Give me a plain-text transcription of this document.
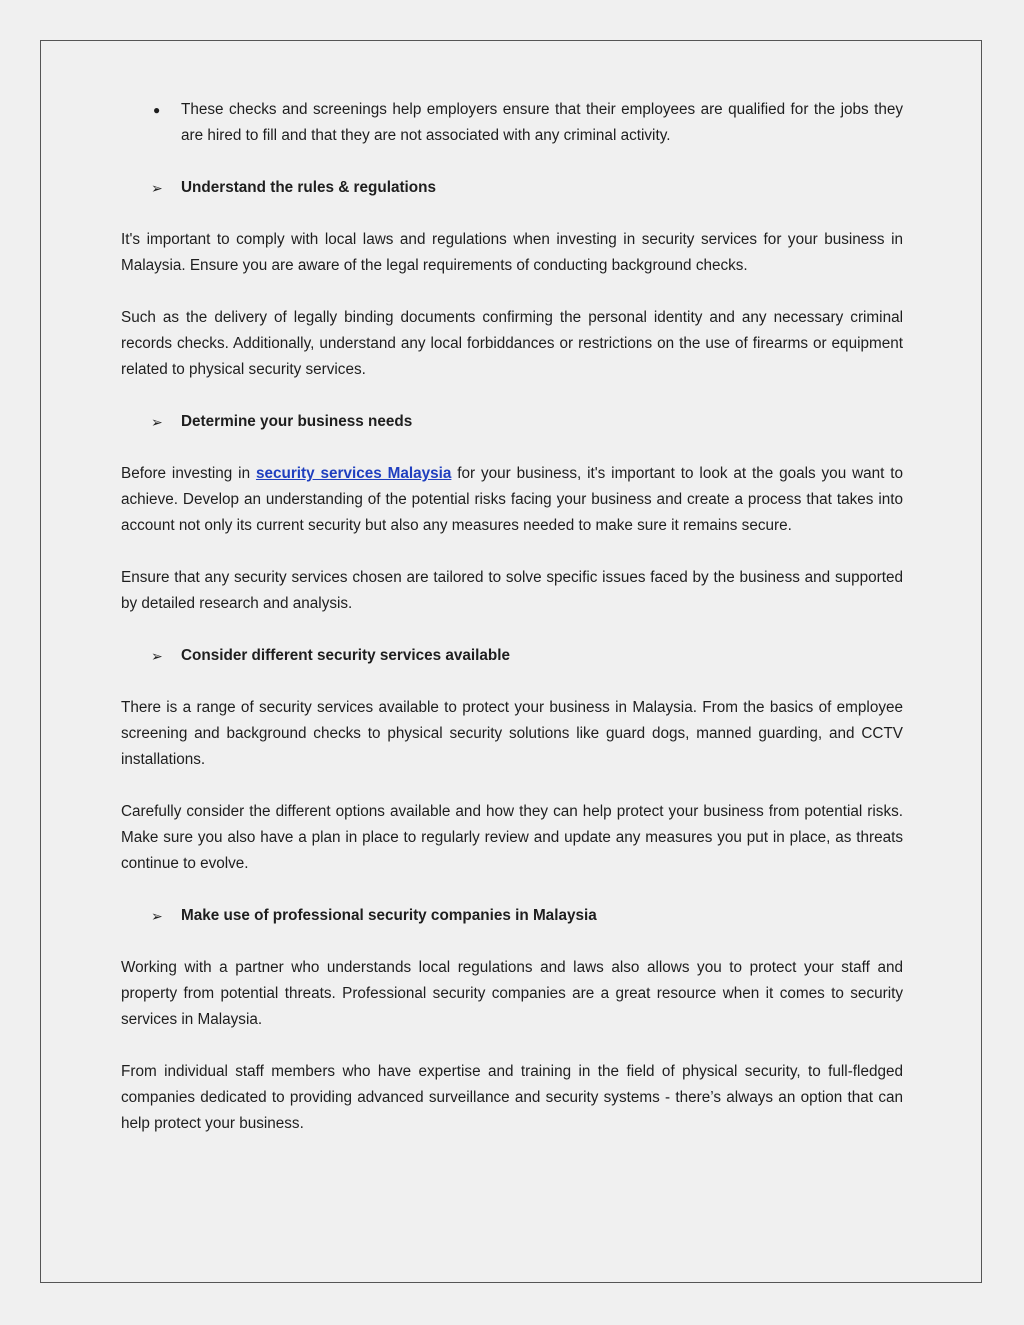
● These checks and screenings help employers ensure that their employees are qualified for the jobs they are hired to fill and that they are not associated with any criminal activity.

➢ Understand the rules & regulations

It's important to comply with local laws and regulations when investing in security services for your business in Malaysia. Ensure you are aware of the legal requirements of conducting background checks.

Such as the delivery of legally binding documents confirming the personal identity and any necessary criminal records checks. Additionally, understand any local forbiddances or restrictions on the use of firearms or equipment related to physical security services.

➢ Determine your business needs

Before investing in security services Malaysia for your business, it's important to look at the goals you want to achieve. Develop an understanding of the potential risks facing your business and create a process that takes into account not only its current security but also any measures needed to make sure it remains secure.

Ensure that any security services chosen are tailored to solve specific issues faced by the business and supported by detailed research and analysis.

➢ Consider different security services available

There is a range of security services available to protect your business in Malaysia. From the basics of employee screening and background checks to physical security solutions like guard dogs, manned guarding, and CCTV installations.

Carefully consider the different options available and how they can help protect your business from potential risks. Make sure you also have a plan in place to regularly review and update any measures you put in place, as threats continue to evolve.

➢ Make use of professional security companies in Malaysia

Working with a partner who understands local regulations and laws also allows you to protect your staff and property from potential threats. Professional security companies are a great resource when it comes to security services in Malaysia.

From individual staff members who have expertise and training in the field of physical security, to full-fledged companies dedicated to providing advanced surveillance and security systems - there’s always an option that can help protect your business.
